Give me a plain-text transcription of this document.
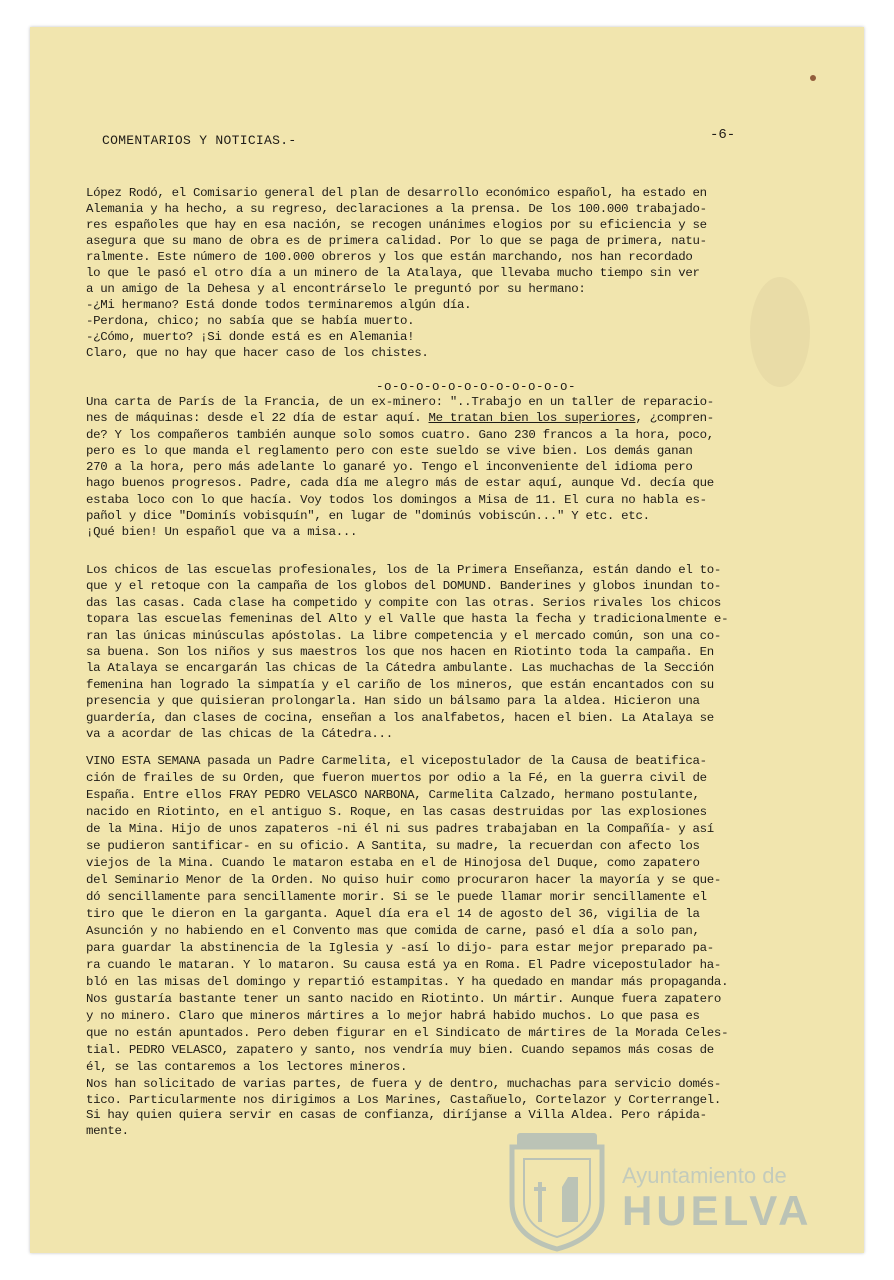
COMENTARIOS Y NOTICIAS.-	-6-

López Rodó, el Comisario general del plan de desarrollo económico español, ha estado en
Alemania y ha hecho, a su regreso, declaraciones a la prensa. De los 100.000 trabajado-
res españoles que hay en esa nación, se recogen unánimes elogios por su eficiencia y se
asegura que su mano de obra es de primera calidad. Por lo que se paga de primera, natu-
ralmente. Este número de 100.000 obreros y los que están marchando, nos han recordado
lo que le pasó el otro día a un minero de la Atalaya, que llevaba mucho tiempo sin ver
a un amigo de la Dehesa y al encontrárselo le preguntó por su hermano:
-¿Mi hermano? Está donde todos terminaremos algún día.
-Perdona, chico; no sabía que se había muerto.
-¿Cómo, muerto? ¡Si donde está es en Alemania!
Claro, que no hay que hacer caso de los chistes.

-o-o-o-o-o-o-o-o-o-o-o-o-

Una carta de París de la Francia, de un ex-minero: "..Trabajo en un taller de reparacio-
nes de máquinas: desde el 22 día de estar aquí. Me tratan bien los superiores, ¿compren-
de? Y los compañeros también aunque solo somos cuatro. Gano 230 francos a la hora, poco,
pero es lo que manda el reglamento pero con este sueldo se vive bien. Los demás ganan
270 a la hora, pero más adelante lo ganaré yo. Tengo el inconveniente del idioma pero
hago buenos progresos. Padre, cada día me alegro más de estar aquí, aunque Vd. decía que
estaba loco con lo que hacía. Voy todos los domingos a Misa de 11. El cura no habla es-
pañol y dice "Dominís vobisquín", en lugar de "dominús vobiscún..." Y etc. etc.
¡Qué bien! Un español que va a misa...

Los chicos de las escuelas profesionales, los de la Primera Enseñanza, están dando el to-
que y el retoque con la campaña de los globos del DOMUND. Banderines y globos inundan to-
das las casas. Cada clase ha competido y compite con las otras. Serios rivales los chicos
topara las escuelas femeninas del Alto y el Valle que hasta la fecha y tradicionalmente e-
ran las únicas minúsculas apóstolas. La libre competencia y el mercado común, son una co-
sa buena. Son los niños y sus maestros los que nos hacen en Riotinto toda la campaña. En
la Atalaya se encargarán las chicas de la Cátedra ambulante. Las muchachas de la Sección
femenina han logrado la simpatía y el cariño de los mineros, que están encantados con su
presencia y que quisieran prolongarla. Han sido un bálsamo para la aldea. Hicieron una
guardería, dan clases de cocina, enseñan a los analfabetos, hacen el bien. La Atalaya se
va a acordar de las chicas de la Cátedra...

VINO ESTA SEMANA pasada un Padre Carmelita, el vicepostulador de la Causa de beatifica-
ción de frailes de su Orden, que fueron muertos por odio a la Fé, en la guerra civil de
España. Entre ellos FRAY PEDRO VELASCO NARBONA, Carmelita Calzado, hermano postulante,
nacido en Riotinto, en el antiguo S. Roque, en las casas destruidas por las explosiones
de la Mina. Hijo de unos zapateros -ni él ni sus padres trabajaban en la Compañía- y así
se pudieron santificar- en su oficio. A Santita, su madre, la recuerdan con afecto los
viejos de la Mina. Cuando le mataron estaba en el de Hinojosa del Duque, como zapatero
del Seminario Menor de la Orden. No quiso huir como procuraron hacer la mayoría y se que-
dó sencillamente para sencillamente morir. Si se le puede llamar morir sencillamente el
tiro que le dieron en la garganta. Aquel día era el 14 de agosto del 36, vigilia de la
Asunción y no habiendo en el Convento mas que comida de carne, pasó el día a solo pan,
para guardar la abstinencia de la Iglesia y -así lo dijo- para estar mejor preparado pa-
ra cuando le mataran. Y lo mataron. Su causa está ya en Roma. El Padre vicepostulador ha-
bló en las misas del domingo y repartió estampitas. Y ha quedado en mandar más propaganda.
Nos gustaría bastante tener un santo nacido en Riotinto. Un mártir. Aunque fuera zapatero
y no minero. Claro que mineros mártires a lo mejor habrá habido muchos. Lo que pasa es
que no están apuntados. Pero deben figurar en el Sindicato de mártires de la Morada Celes-
tial. PEDRO VELASCO, zapatero y santo, nos vendría muy bien. Cuando sepamos más cosas de
él, se las contaremos a los lectores mineros.

Nos han solicitado de varias partes, de fuera y de dentro, muchachas para servicio domés-
tico. Particularmente nos dirigimos a Los Marines, Castañuelo, Cortelazor y Corterrangel.
Si hay quien quiera servir en casas de confianza, diríjanse a Villa Aldea. Pero rápida-
mente.

Ayuntamiento de
HUELVA
